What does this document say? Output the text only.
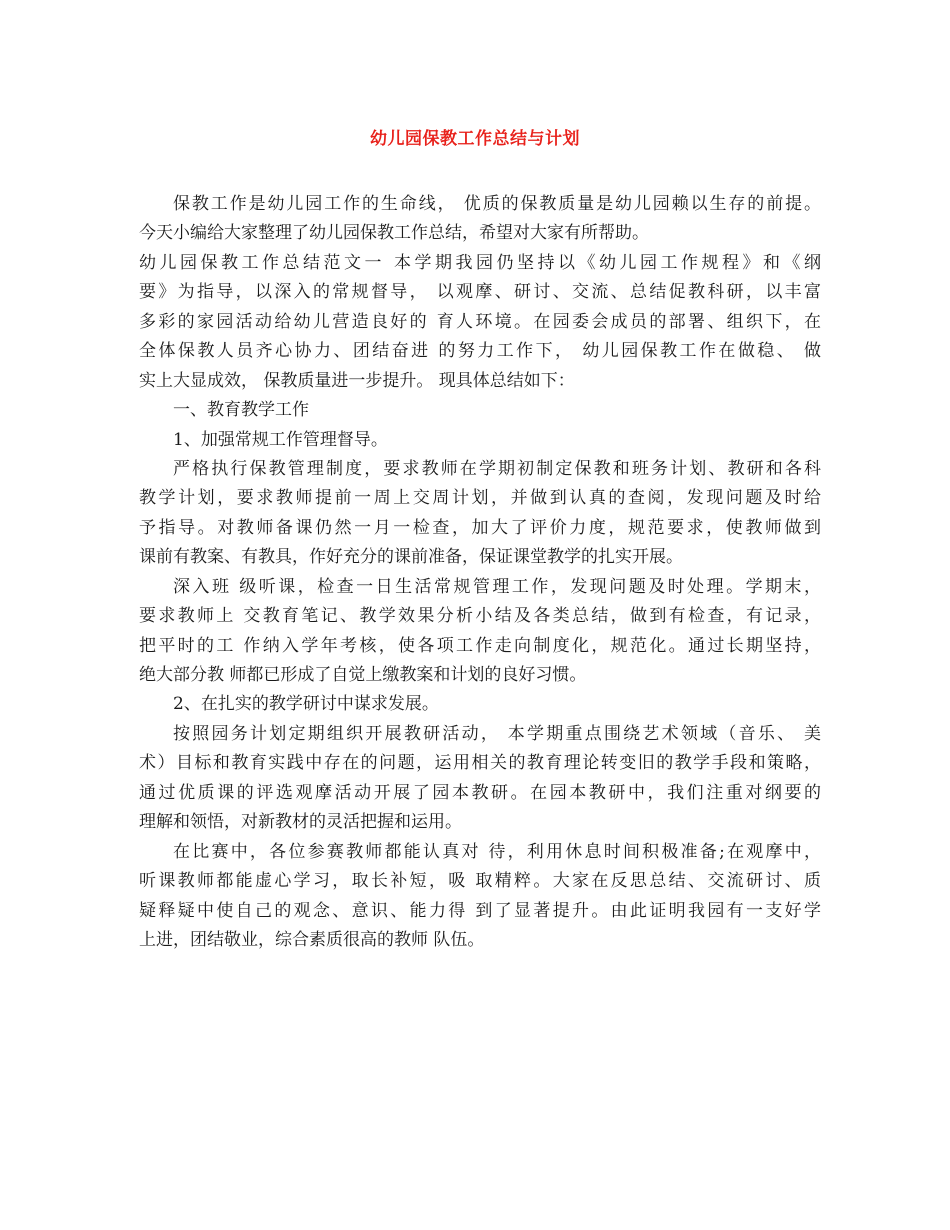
幼儿园保教工作总结与计划
保教工作是幼儿园工作的生命线， 优质的保教质量是幼儿园赖以生存的前提。
今天小编给大家整理了幼儿园保教工作总结，希望对大家有所帮助。
幼儿园保教工作总结范文一 本学期我园仍坚持以《幼儿园工作规程》和《纲
要》为指导，以深入的常规督导， 以观摩、研讨、交流、总结促教科研，以丰富
多彩的家园活动给幼儿营造良好的 育人环境。在园委会成员的部署、组织下，在
全体保教人员齐心协力、团结奋进 的努力工作下， 幼儿园保教工作在做稳、 做
实上大显成效， 保教质量进一步提升。 现具体总结如下：
一、教育教学工作
1、加强常规工作管理督导。
严格执行保教管理制度，要求教师在学期初制定保教和班务计划、教研和各科
教学计划，要求教师提前一周上交周计划，并做到认真的查阅，发现问题及时给
予指导。对教师备课仍然一月一检查，加大了评价力度，规范要求，使教师做到
课前有教案、有教具，作好充分的课前准备，保证课堂教学的扎实开展。
深入班 级听课，检查一日生活常规管理工作，发现问题及时处理。学期末，
要求教师上 交教育笔记、教学效果分析小结及各类总结，做到有检查，有记录，
把平时的工 作纳入学年考核，使各项工作走向制度化，规范化。通过长期坚持，
绝大部分教 师都已形成了自觉上缴教案和计划的良好习惯。
2、在扎实的教学研讨中谋求发展。
按照园务计划定期组织开展教研活动， 本学期重点围绕艺术领域（音乐、 美
术）目标和教育实践中存在的问题，运用相关的教育理论转变旧的教学手段和策略，
通过优质课的评选观摩活动开展了园本教研。在园本教研中，我们注重对纲要的
理解和领悟，对新教材的灵活把握和运用。
在比赛中，各位参赛教师都能认真对 待，利用休息时间积极准备;在观摩中，
听课教师都能虚心学习，取长补短，吸 取精粹。大家在反思总结、交流研讨、质
疑释疑中使自己的观念、意识、能力得 到了显著提升。由此证明我园有一支好学
上进，团结敬业，综合素质很高的教师 队伍。
